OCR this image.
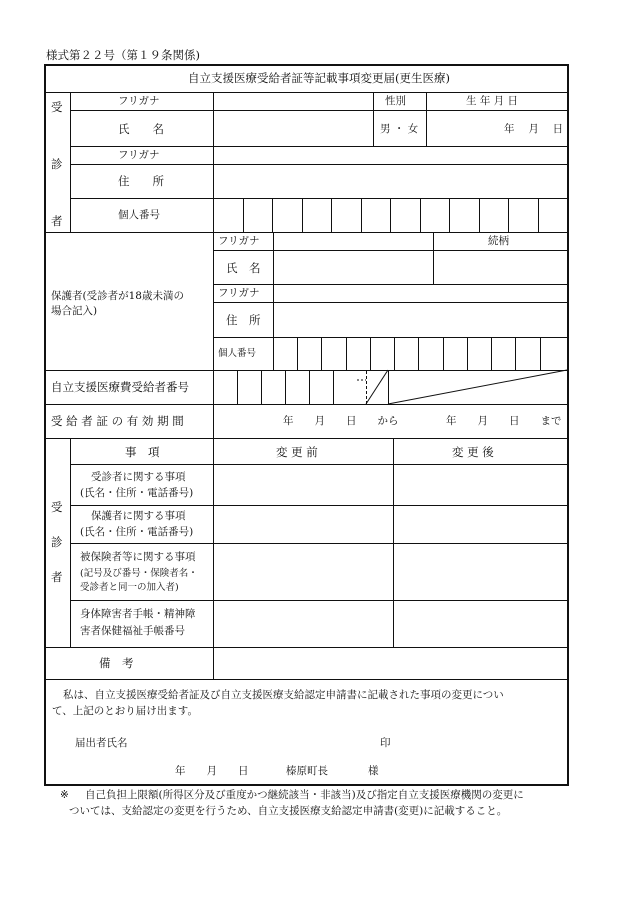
様式第２２号（第１９条関係)
自立支援医療受給者証等記載事項変更届(更生医療)
受
診
者
フリガナ
氏　　名
性別
男 ・ 女
生 年 月 日
年　 月　 日
フリガナ
住　　所
個人番号
保護者(受診者が18歳未満の
場合記入)
フリガナ	続柄
氏　名
フリガナ
住　所
個人番号
自立支援医療費受給者番号
受 給 者 証 の 有 効 期 間	年　　月　　日　　から	年　　月　　日　　まで
受
診
者
事　項	変 更 前	変 更 後
受診者に関する事項
(氏名・住所・電話番号)
保護者に関する事項
(氏名・住所・電話番号)
被保険者等に関する事項
(記号及び番号・保険者名・
受診者と同一の加入者)
身体障害者手帳・精神障
害者保健福祉手帳番号
備　考
私は、自立支援医療受給者証及び自立支援医療支給認定申請書に記載された事項の変更につい
て、上記のとおり届け出ます。
届出者氏名	印
年　　月　　日	榛原町長	様
※ 自己負担上限額(所得区分及び重度かつ継続該当・非該当)及び指定自立支援医療機関の変更に
ついては、支給認定の変更を行うため、自立支援医療支給認定申請書(変更)に記載すること。
